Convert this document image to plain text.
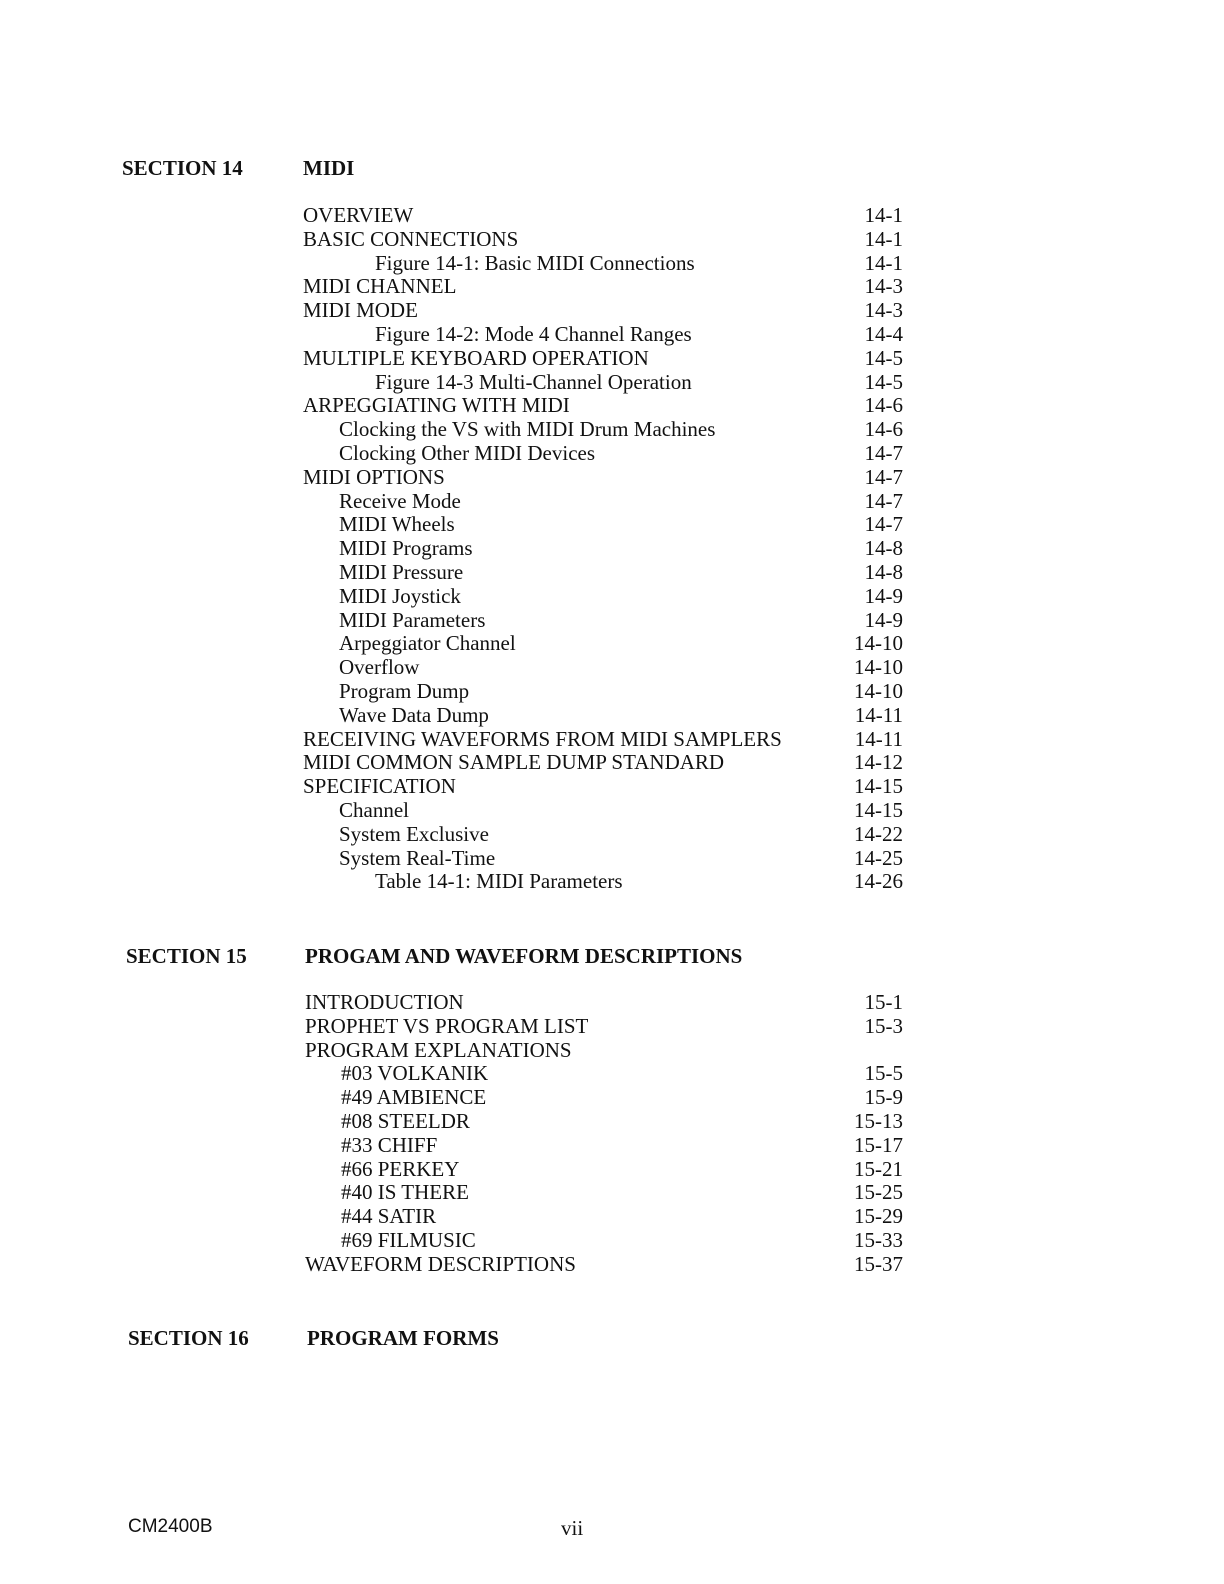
SECTION 14	MIDI
OVERVIEW	14-1
BASIC CONNECTIONS	14-1
Figure 14-1: Basic MIDI Connections	14-1
MIDI CHANNEL	14-3
MIDI MODE	14-3
Figure 14-2: Mode 4 Channel Ranges	14-4
MULTIPLE KEYBOARD OPERATION	14-5
Figure 14-3 Multi-Channel Operation	14-5
ARPEGGIATING WITH MIDI	14-6
Clocking the VS with MIDI Drum Machines	14-6
Clocking Other MIDI Devices	14-7
MIDI OPTIONS	14-7
Receive Mode	14-7
MIDI Wheels	14-7
MIDI Programs	14-8
MIDI Pressure	14-8
MIDI Joystick	14-9
MIDI Parameters	14-9
Arpeggiator Channel	14-10
Overflow	14-10
Program Dump	14-10
Wave Data Dump	14-11
RECEIVING WAVEFORMS FROM MIDI SAMPLERS	14-11
MIDI COMMON SAMPLE DUMP STANDARD	14-12
SPECIFICATION	14-15
Channel	14-15
System Exclusive	14-22
System Real-Time	14-25
Table 14-1: MIDI Parameters	14-26
SECTION 15	PROGAM AND WAVEFORM DESCRIPTIONS
INTRODUCTION	15-1
PROPHET VS PROGRAM LIST	15-3
PROGRAM EXPLANATIONS
#03 VOLKANIK	15-5
#49 AMBIENCE	15-9
#08 STEELDR	15-13
#33 CHIFF	15-17
#66 PERKEY	15-21
#40 IS THERE	15-25
#44 SATIR	15-29
#69 FILMUSIC	15-33
WAVEFORM DESCRIPTIONS	15-37
SECTION 16	PROGRAM FORMS
CM2400B	vii
